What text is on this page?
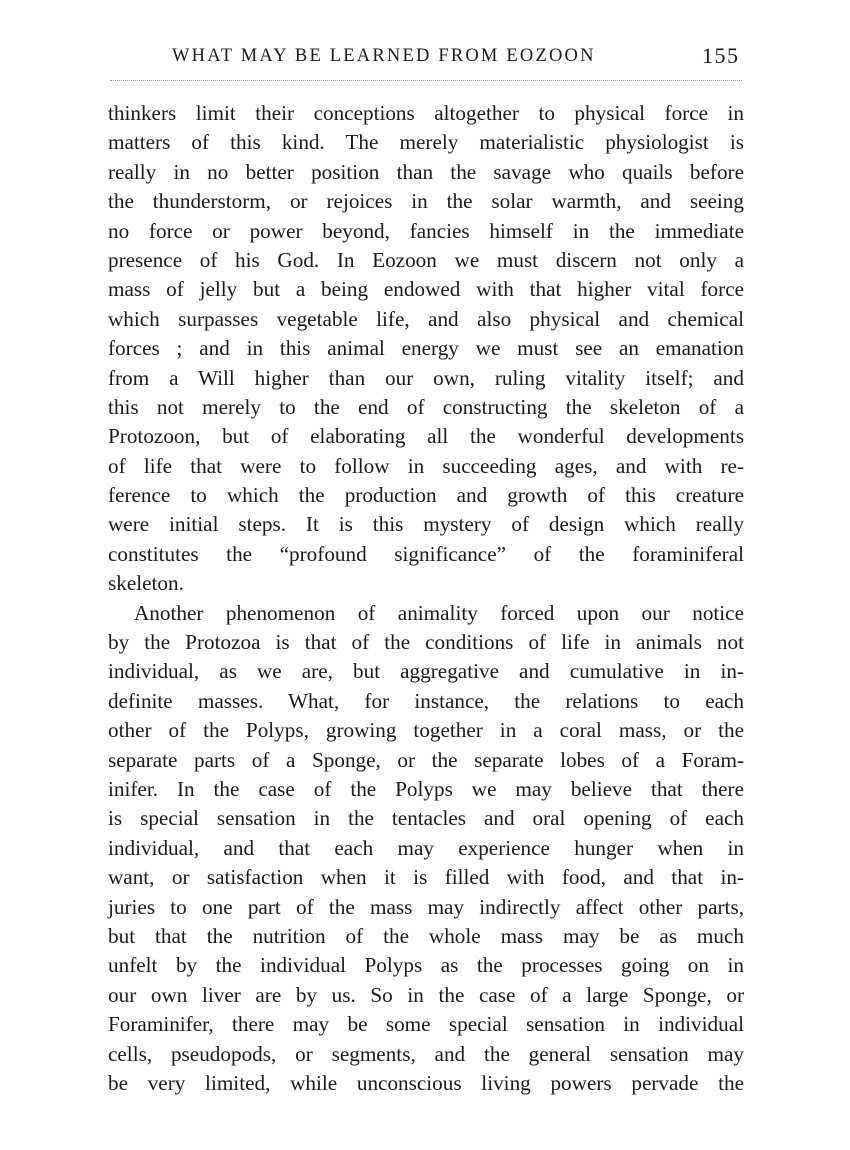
WHAT MAY BE LEARNED FROM EOZOON	155
thinkers limit their conceptions altogether to physical force in
matters of this kind. The merely materialistic physiologist is
really in no better position than the savage who quails before
the thunderstorm, or rejoices in the solar warmth, and seeing
no force or power beyond, fancies himself in the immediate
presence of his God. In Eozoon we must discern not only a
mass of jelly but a being endowed with that higher vital force
which surpasses vegetable life, and also physical and chemical
forces ; and in this animal energy we must see an emanation
from a Will higher than our own, ruling vitality itself; and
this not merely to the end of constructing the skeleton of a
Protozoon, but of elaborating all the wonderful developments
of life that were to follow in succeeding ages, and with re-
ference to which the production and growth of this creature
were initial steps. It is this mystery of design which really
constitutes the “profound significance” of the foraminiferal
skeleton.
Another phenomenon of animality forced upon our notice
by the Protozoa is that of the conditions of life in animals not
individual, as we are, but aggregative and cumulative in in-
definite masses. What, for instance, the relations to each
other of the Polyps, growing together in a coral mass, or the
separate parts of a Sponge, or the separate lobes of a Foram-
inifer. In the case of the Polyps we may believe that there
is special sensation in the tentacles and oral opening of each
individual, and that each may experience hunger when in
want, or satisfaction when it is filled with food, and that in-
juries to one part of the mass may indirectly affect other parts,
but that the nutrition of the whole mass may be as much
unfelt by the individual Polyps as the processes going on in
our own liver are by us. So in the case of a large Sponge, or
Foraminifer, there may be some special sensation in individual
cells, pseudopods, or segments, and the general sensation may
be very limited, while unconscious living powers pervade the
